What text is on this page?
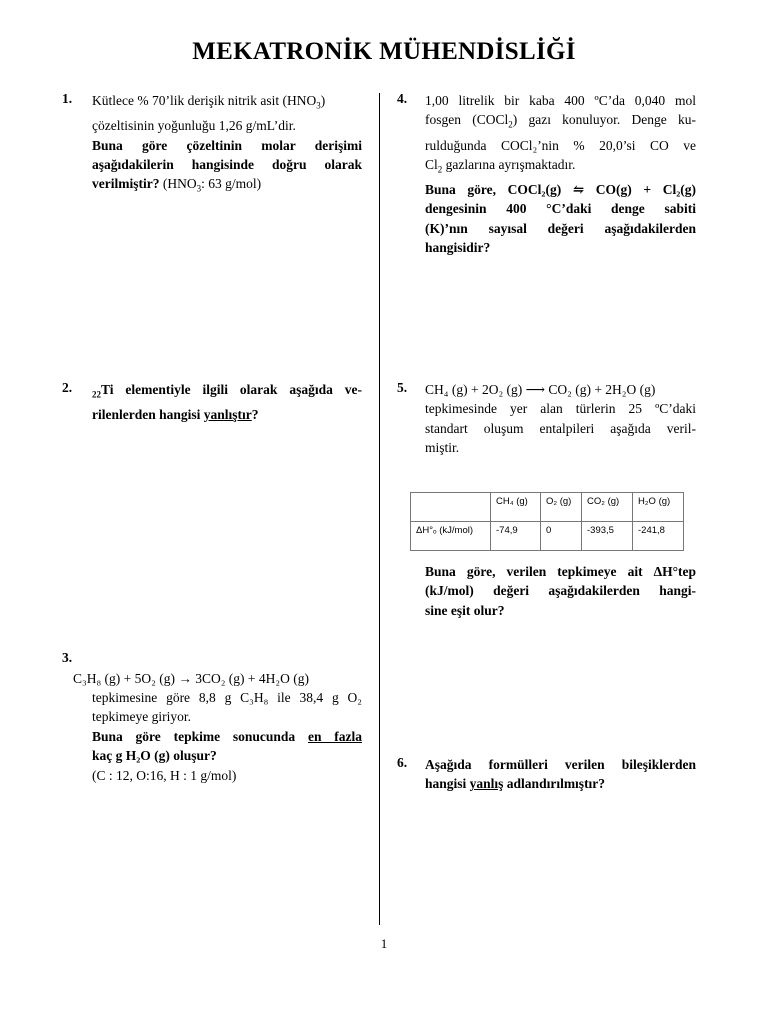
MEKATRONİK MÜHENDİSLİĞİ
1. Kütlece % 70’lik derişik nitrik asit $(HNO_3)$
çözeltisinin yoğunluğu 1,26 g/mL’dir.
Buna göre çözeltinin molar derişimi
aşağıdakilerin hangisinde doğru olarak
verilmiştir? ($HNO_3$: 63 g/mol)
2. $_{22}$Ti elementiyle ilgili olarak aşağıda ve-
rilenlerden hangisi yanlıştır?
3.
C₃H₈ (g) + 5O₂ (g) → 3CO₂ (g) + 4H₂O (g)
tepkimesine göre 8,8 g C₃H₈ ile 38,4 g O₂
tepkimeye giriyor.
Buna göre tepkime sonucunda en fazla
kaç g H₂O (g) oluşur?
(C : 12, O:16, H : 1 g/mol)
4. 1,00 litrelik bir kaba 400 ºC’da 0,040 mol
fosgen (COCl$_2$) gazı konuluyor. Denge ku-
rulduğunda COCl₂’nin % 20,0’si CO ve
$Cl_2$ gazlarına ayrışmaktadır.
Buna göre, COCl₂(g) ⇋ CO(g) + Cl₂(g)
dengesinin 400 °C’daki denge sabiti
(K)’nın sayısal değeri aşağıdakilerden
hangisidir?
5. CH₄ (g) + 2O₂ (g) ⟶ CO₂ (g) + 2H₂O (g)
tepkimesinde yer alan türlerin 25 ºC’daki
standart oluşum entalpileri aşağıda veril-
miştir.
	CH₄ (g)	O₂ (g)	CO₂ (g)	H₂O (g)
ΔH°ₒ (kJ/mol)	-74,9	0	-393,5	-241,8
Buna göre, verilen tepkimeye ait ΔH°tep
(kJ/mol) değeri aşağıdakilerden hangi-
sine eşit olur?
6. Aşağıda formülleri verilen bileşiklerden
hangisi yanlış adlandırılmıştır?
1
